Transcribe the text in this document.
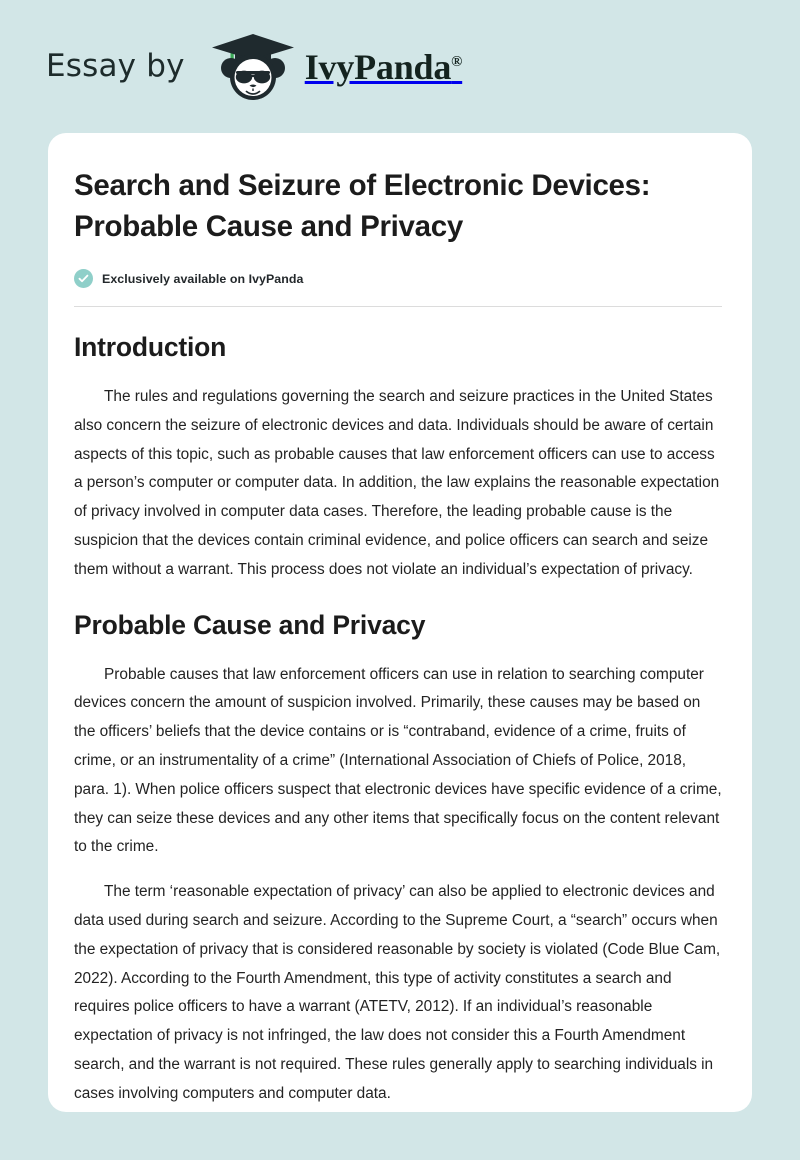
Essay by	IvyPanda®
Search and Seizure of Electronic Devices: Probable Cause and Privacy
Exclusively available on IvyPanda
Introduction

The rules and regulations governing the search and seizure practices in the United States also concern the seizure of electronic devices and data. Individuals should be aware of certain aspects of this topic, such as probable causes that law enforcement officers can use to access a person’s computer or computer data. In addition, the law explains the reasonable expectation of privacy involved in computer data cases. Therefore, the leading probable cause is the suspicion that the devices contain criminal evidence, and police officers can search and seize them without a warrant. This process does not violate an individual’s expectation of privacy.

Probable Cause and Privacy

Probable causes that law enforcement officers can use in relation to searching computer devices concern the amount of suspicion involved. Primarily, these causes may be based on the officers’ beliefs that the device contains or is “contraband, evidence of a crime, fruits of crime, or an instrumentality of a crime” (International Association of Chiefs of Police, 2018, para. 1). When police officers suspect that electronic devices have specific evidence of a crime, they can seize these devices and any other items that specifically focus on the content relevant to the crime.

The term ‘reasonable expectation of privacy’ can also be applied to electronic devices and data used during search and seizure. According to the Supreme Court, a “search” occurs when the expectation of privacy that is considered reasonable by society is violated (Code Blue Cam, 2022). According to the Fourth Amendment, this type of activity constitutes a search and requires police officers to have a warrant (ATETV, 2012). If an individual’s reasonable expectation of privacy is not infringed, the law does not consider this a Fourth Amendment search, and the warrant is not required. These rules generally apply to searching individuals in cases involving computers and computer data.
